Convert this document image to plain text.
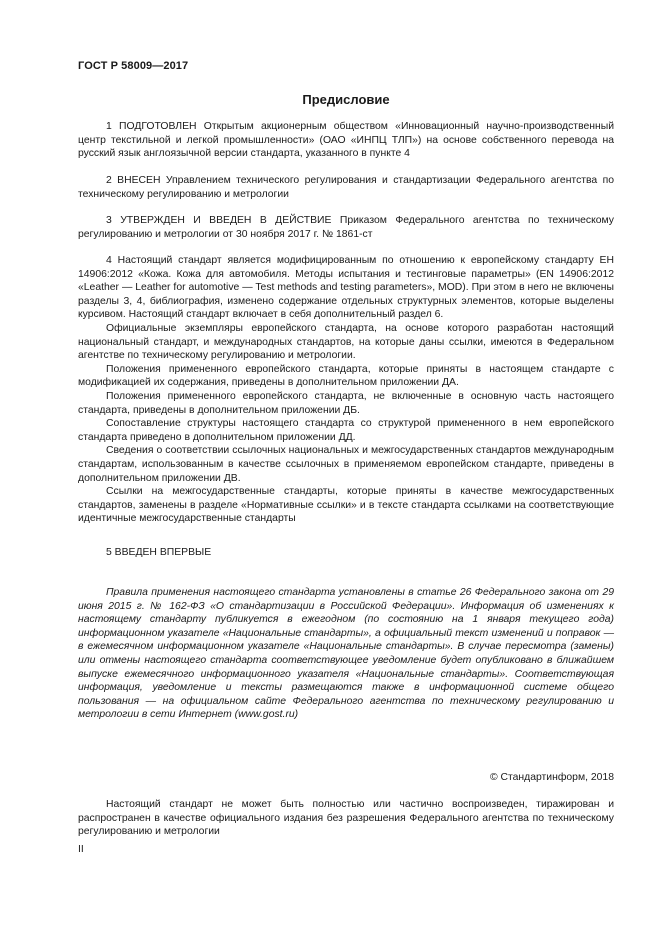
ГОСТ Р 58009—2017
Предисловие

1 ПОДГОТОВЛЕН Открытым акционерным обществом «Инновационный научно-производственный центр текстильной и легкой промышленности» (ОАО «ИНПЦ ТЛП») на основе собственного перевода на русский язык англоязычной версии стандарта, указанного в пункте 4

2 ВНЕСЕН Управлением технического регулирования и стандартизации Федерального агентства по техническому регулированию и метрологии

3 УТВЕРЖДЕН И ВВЕДЕН В ДЕЙСТВИЕ Приказом Федерального агентства по техническому регулированию и метрологии от 30 ноября 2017 г. № 1861-ст

4 Настоящий стандарт является модифицированным по отношению к европейскому стандарту ЕН 14906:2012 «Кожа. Кожа для автомобиля. Методы испытания и тестинговые параметры» (EN 14906:2012 «Leather — Leather for automotive — Test methods and testing parameters», MOD). При этом в него не включены разделы 3, 4, библиография, изменено содержание отдельных структурных элементов, которые выделены курсивом. Настоящий стандарт включает в себя дополнительный раздел 6.

Официальные экземпляры европейского стандарта, на основе которого разработан настоящий национальный стандарт, и международных стандартов, на которые даны ссылки, имеются в Федеральном агентстве по техническому регулированию и метрологии.

Положения примененного европейского стандарта, которые приняты в настоящем стандарте с модификацией их содержания, приведены в дополнительном приложении ДА.

Положения примененного европейского стандарта, не включенные в основную часть настоящего стандарта, приведены в дополнительном приложении ДБ.

Сопоставление структуры настоящего стандарта со структурой примененного в нем европейского стандарта приведено в дополнительном приложении ДД.

Сведения о соответствии ссылочных национальных и межгосударственных стандартов международным стандартам, использованным в качестве ссылочных в применяемом европейском стандарте, приведены в дополнительном приложении ДВ.

Ссылки на межгосударственные стандарты, которые приняты в качестве межгосударственных стандартов, заменены в разделе «Нормативные ссылки» и в тексте стандарта ссылками на соответствующие идентичные межгосударственные стандарты

5 ВВЕДЕН ВПЕРВЫЕ

Правила применения настоящего стандарта установлены в статье 26 Федерального закона от 29 июня 2015 г. № 162-ФЗ «О стандартизации в Российской Федерации». Информация об изменениях к настоящему стандарту публикуется в ежегодном (по состоянию на 1 января текущего года) информационном указателе «Национальные стандарты», а официальный текст изменений и поправок — в ежемесячном информационном указателе «Национальные стандарты». В случае пересмотра (замены) или отмены настоящего стандарта соответствующее уведомление будет опубликовано в ближайшем выпуске ежемесячного информационного указателя «Национальные стандарты». Соответствующая информация, уведомление и тексты размещаются также в информационной системе общего пользования — на официальном сайте Федерального агентства по техническому регулированию и метрологии в сети Интернет (www.gost.ru)

© Стандартинформ, 2018

Настоящий стандарт не может быть полностью или частично воспроизведен, тиражирован и распространен в качестве официального издания без разрешения Федерального агентства по техническому регулированию и метрологии

II
